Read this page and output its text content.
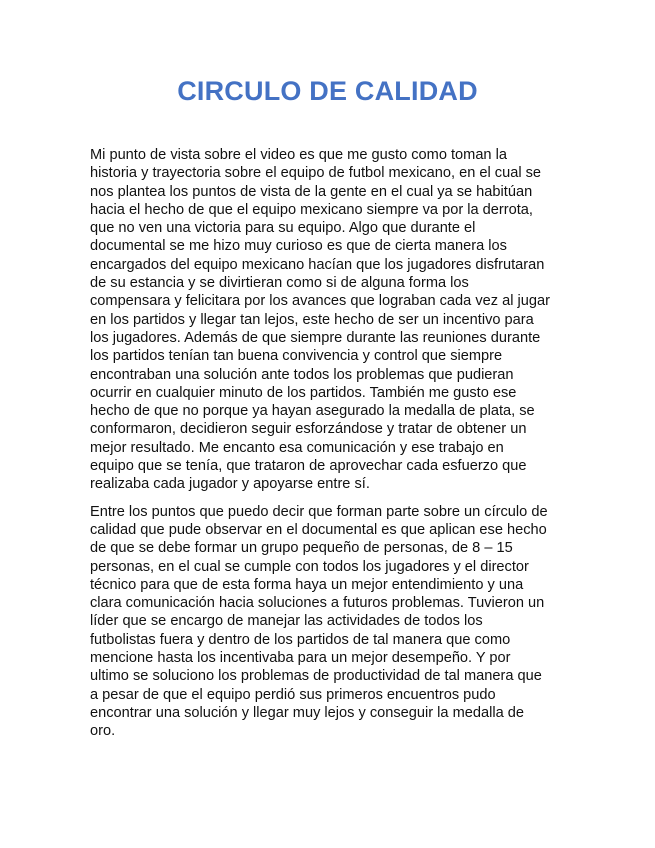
CIRCULO DE CALIDAD

Mi punto de vista sobre el video es que me gusto como toman la
historia y trayectoria sobre el equipo de futbol mexicano, en el cual se
nos plantea los puntos de vista de la gente en el cual ya se habitúan
hacia el hecho de que el equipo mexicano siempre va por la derrota,
que no ven una victoria para su equipo. Algo que durante el
documental se me hizo muy curioso es que de cierta manera los
encargados del equipo mexicano hacían que los jugadores disfrutaran
de su estancia y se divirtieran como si de alguna forma los
compensara y felicitara por los avances que lograban cada vez al jugar
en los partidos y llegar tan lejos, este hecho de ser un incentivo para
los jugadores. Además de que siempre durante las reuniones durante
los partidos tenían tan buena convivencia y control que siempre
encontraban una solución ante todos los problemas que pudieran
ocurrir en cualquier minuto de los partidos. También me gusto ese
hecho de que no porque ya hayan asegurado la medalla de plata, se
conformaron, decidieron seguir esforzándose y tratar de obtener un
mejor resultado. Me encanto esa comunicación y ese trabajo en
equipo que se tenía, que trataron de aprovechar cada esfuerzo que
realizaba cada jugador y apoyarse entre sí.

Entre los puntos que puedo decir que forman parte sobre un círculo de
calidad que pude observar en el documental es que aplican ese hecho
de que se debe formar un grupo pequeño de personas, de 8 – 15
personas, en el cual se cumple con todos los jugadores y el director
técnico para que de esta forma haya un mejor entendimiento y una
clara comunicación hacia soluciones a futuros problemas. Tuvieron un
líder que se encargo de manejar las actividades de todos los
futbolistas fuera y dentro de los partidos de tal manera que como
mencione hasta los incentivaba para un mejor desempeño. Y por
ultimo se soluciono los problemas de productividad de tal manera que
a pesar de que el equipo perdió sus primeros encuentros pudo
encontrar una solución y llegar muy lejos y conseguir la medalla de
oro.
